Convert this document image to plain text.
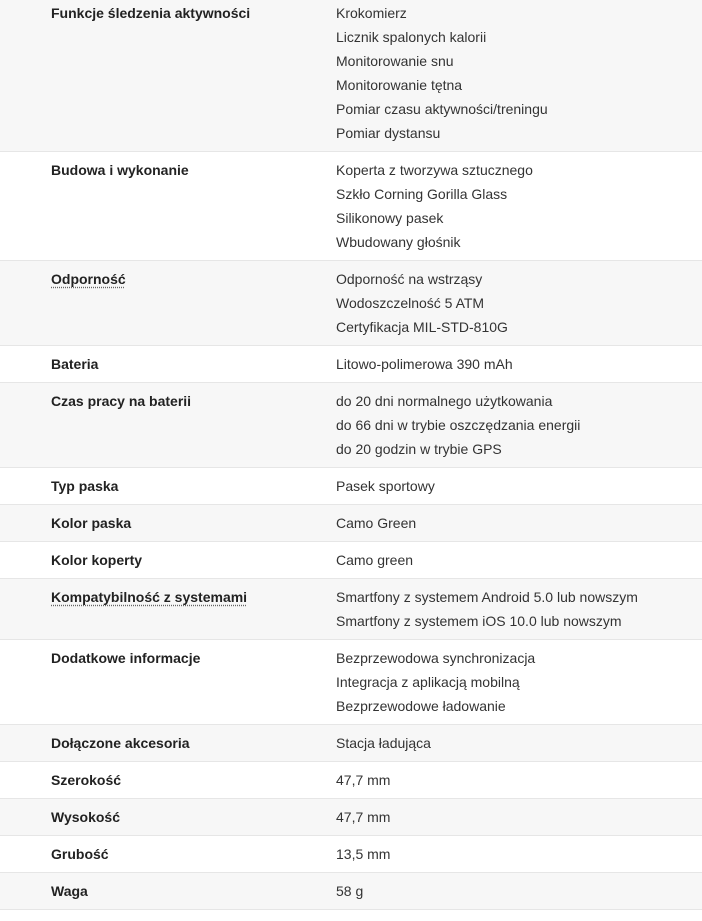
Funkcje śledzenia aktywności	Krokomierz
Licznik spalonych kalorii
Monitorowanie snu
Monitorowanie tętna
Pomiar czasu aktywności/treningu
Pomiar dystansu
Budowa i wykonanie	Koperta z tworzywa sztucznego
Szkło Corning Gorilla Glass
Silikonowy pasek
Wbudowany głośnik
Odporność	Odporność na wstrząsy
Wodoszczelność 5 ATM
Certyfikacja MIL-STD-810G
Bateria	Litowo-polimerowa 390 mAh
Czas pracy na baterii	do 20 dni normalnego użytkowania
do 66 dni w trybie oszczędzania energii
do 20 godzin w trybie GPS
Typ paska	Pasek sportowy
Kolor paska	Camo Green
Kolor koperty	Camo green
Kompatybilność z systemami	Smartfony z systemem Android 5.0 lub nowszym
Smartfony z systemem iOS 10.0 lub nowszym
Dodatkowe informacje	Bezprzewodowa synchronizacja
Integracja z aplikacją mobilną
Bezprzewodowe ładowanie
Dołączone akcesoria	Stacja ładująca
Szerokość	47,7 mm
Wysokość	47,7 mm
Grubość	13,5 mm
Waga	58 g
